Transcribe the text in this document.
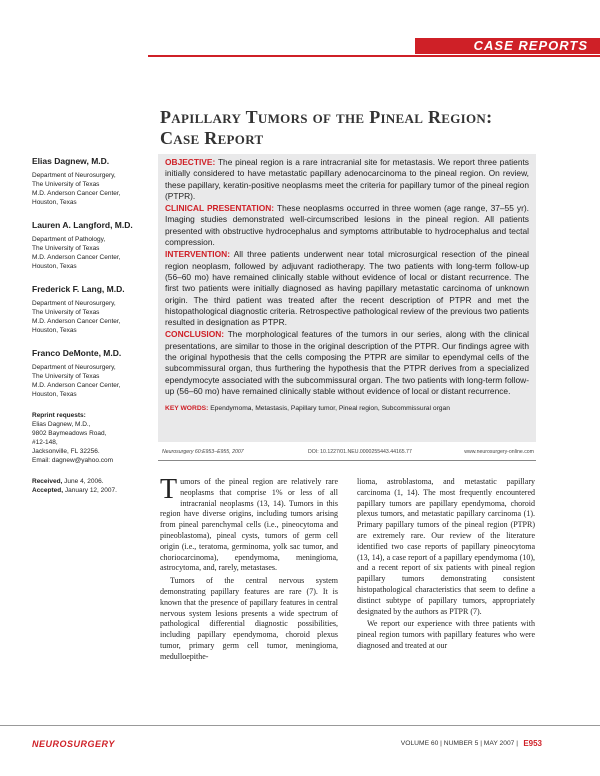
CASE REPORTS
Papillary Tumors of the Pineal Region:
Case Report
Elias Dagnew, M.D.
Department of Neurosurgery,
The University of Texas
M.D. Anderson Cancer Center,
Houston, Texas
Lauren A. Langford, M.D.
Department of Pathology,
The University of Texas
M.D. Anderson Cancer Center,
Houston, Texas
Frederick F. Lang, M.D.
Department of Neurosurgery,
The University of Texas
M.D. Anderson Cancer Center,
Houston, Texas
Franco DeMonte, M.D.
Department of Neurosurgery,
The University of Texas
M.D. Anderson Cancer Center,
Houston, Texas
Reprint requests:
Elias Dagnew, M.D.,
9802 Baymeadows Road,
#12-148,
Jacksonville, FL 32256.
Email: dagnew@yahoo.com
Received, June 4, 2006.
Accepted, January 12, 2007.

OBJECTIVE: The pineal region is a rare intracranial site for metastasis. We report three patients initially considered to have metastatic papillary adenocarcinoma to the pineal region. On review, these papillary, keratin-positive neoplasms meet the criteria for papillary tumor of the pineal region (PTPR).

CLINICAL PRESENTATION: These neoplasms occurred in three women (age range, 37–55 yr). Imaging studies demonstrated well-circumscribed lesions in the pineal region. All patients presented with obstructive hydrocephalus and symptoms attributable to hydrocephalus and tectal compression.

INTERVENTION: All three patients underwent near total microsurgical resection of the pineal region neoplasm, followed by adjuvant radiotherapy. The two patients with long-term follow-up (56–60 mo) have remained clinically stable without evidence of local or distant recurrence. The first two patients were initially diagnosed as having papillary metastatic carcinoma of unknown origin. The third patient was treated after the recent description of PTPR and met the histopathological diagnostic criteria. Retrospective pathological review of the previous two patients resulted in designation as PTPR.

CONCLUSION: The morphological features of the tumors in our series, along with the clinical presentations, are similar to those in the original description of the PTPR. Our findings agree with the original hypothesis that the cells composing the PTPR are similar to ependymal cells of the subcommissural organ, thus furthering the hypothesis that the PTPR derives from a specialized ependymocyte associated with the subcommissural organ. The two patients with long-term follow-up (56–60 mo) have remained clinically stable without evidence of local or distant recurrence.

KEY WORDS: Ependymoma, Metastasis, Papillary tumor, Pineal region, Subcommissural organ

Neurosurgery 60:E953–E955, 2007	DOI: 10.1227/01.NEU.0000255443.44165.77	www.neurosurgery-online.com

Tumors of the pineal region are relatively rare neoplasms that comprise 1% or less of all intracranial neoplasms (13, 14). Tumors in this region have diverse origins, including tumors arising from pineal parenchymal cells (i.e., pineocytoma and pineoblastoma), pineal cysts, tumors of germ cell origin (i.e., teratoma, germinoma, yolk sac tumor, and choriocarcinoma), ependymoma, meningioma, astrocytoma, and, rarely, metastases.

Tumors of the central nervous system demonstrating papillary features are rare (7). It is known that the presence of papillary features in central nervous system lesions presents a wide spectrum of pathological differential diagnostic possibilities, including papillary ependymoma, choroid plexus tumor, primary germ cell tumor, meningioma, medulloepithe-

lioma, astroblastoma, and metastatic papillary carcinoma (1, 14). The most frequently encountered papillary tumors are papillary ependymoma, choroid plexus tumors, and metastatic papillary carcinoma (1). Primary papillary tumors of the pineal region (PTPR) are extremely rare. Our review of the literature identified two case reports of papillary pineocytoma (13, 14), a case report of a papillary ependymoma (10), and a recent report of six patients with pineal region papillary tumors demonstrating consistent histopathological characteristics that seem to define a distinct subtype of papillary tumors, appropriately designated by the authors as PTPR (7).

We report our experience with three patients with pineal region tumors with papillary features who were diagnosed and treated at our

NEUROSURGERY	VOLUME 60 | NUMBER 5 | MAY 2007 | E953
